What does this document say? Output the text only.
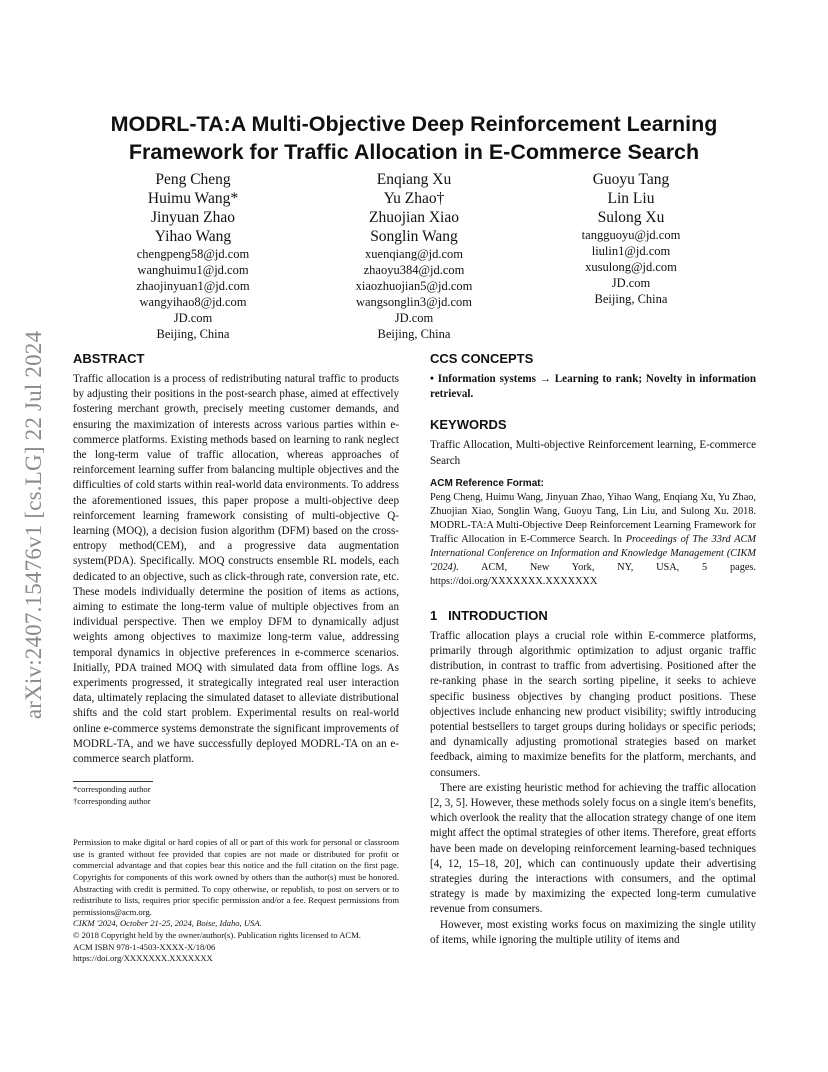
arXiv:2407.15476v1 [cs.LG] 22 Jul 2024
MODRL-TA:A Multi-Objective Deep Reinforcement Learning
Framework for Traffic Allocation in E-Commerce Search
Peng Cheng
Huimu Wang*
Jinyuan Zhao
Yihao Wang
chengpeng58@jd.com
wanghuimu1@jd.com
zhaojinyuan1@jd.com
wangyihao8@jd.com
JD.com
Beijing, China
Enqiang Xu
Yu Zhao†
Zhuojian Xiao
Songlin Wang
xuenqiang@jd.com
zhaoyu384@jd.com
xiaozhuojian5@jd.com
wangsonglin3@jd.com
JD.com
Beijing, China
Guoyu Tang
Lin Liu
Sulong Xu
tangguoyu@jd.com
liulin1@jd.com
xusulong@jd.com
JD.com
Beijing, China
ABSTRACT
Traffic allocation is a process of redistributing natural traffic to products by adjusting their positions in the post-search phase, aimed at effectively fostering merchant growth, precisely meeting customer demands, and ensuring the maximization of interests across various parties within e-commerce platforms. Existing methods based on learning to rank neglect the long-term value of traffic allocation, whereas approaches of reinforcement learning suffer from balancing multiple objectives and the difficulties of cold starts within real-world data environments. To address the aforementioned issues, this paper propose a multi-objective deep reinforcement learning framework consisting of multi-objective Q-learning (MOQ), a decision fusion algorithm (DFM) based on the cross-entropy method(CEM), and a progressive data augmentation system(PDA). Specifically. MOQ constructs ensemble RL models, each dedicated to an objective, such as click-through rate, conversion rate, etc. These models individually determine the position of items as actions, aiming to estimate the long-term value of multiple objectives from an individual perspective. Then we employ DFM to dynamically adjust weights among objectives to maximize long-term value, addressing temporal dynamics in objective preferences in e-commerce scenarios. Initially, PDA trained MOQ with simulated data from offline logs. As experiments progressed, it strategically integrated real user interaction data, ultimately replacing the simulated dataset to alleviate distributional shifts and the cold start problem. Experimental results on real-world online e-commerce systems demonstrate the significant improvements of MODRL-TA, and we have successfully deployed MODRL-TA on an e-commerce search platform.
*corresponding author
†corresponding author
Permission to make digital or hard copies of all or part of this work for personal or classroom use is granted without fee provided that copies are not made or distributed for profit or commercial advantage and that copies bear this notice and the full citation on the first page. Copyrights for components of this work owned by others than the author(s) must be honored. Abstracting with credit is permitted. To copy otherwise, or republish, to post on servers or to redistribute to lists, requires prior specific permission and/or a fee. Request permissions from permissions@acm.org.
CIKM '2024, October 21-25, 2024, Boise, Idaho, USA.
© 2018 Copyright held by the owner/author(s). Publication rights licensed to ACM.
ACM ISBN 978-1-4503-XXXX-X/18/06
https://doi.org/XXXXXXX.XXXXXXX
CCS CONCEPTS
• Information systems → Learning to rank; Novelty in information retrieval.
KEYWORDS
Traffic Allocation, Multi-objective Reinforcement learning, E-commerce Search
ACM Reference Format:
Peng Cheng, Huimu Wang, Jinyuan Zhao, Yihao Wang, Enqiang Xu, Yu Zhao, Zhuojian Xiao, Songlin Wang, Guoyu Tang, Lin Liu, and Sulong Xu. 2018. MODRL-TA:A Multi-Objective Deep Reinforcement Learning Framework for Traffic Allocation in E-Commerce Search. In Proceedings of The 33rd ACM International Conference on Information and Knowledge Management (CIKM '2024). ACM, New York, NY, USA, 5 pages. https://doi.org/XXXXXXX.XXXXXXX
1   INTRODUCTION
Traffic allocation plays a crucial role within E-commerce platforms, primarily through algorithmic optimization to adjust organic traffic distribution, in contrast to traffic from advertising. Positioned after the re-ranking phase in the search sorting pipeline, it seeks to achieve specific business objectives by changing product positions. These objectives include enhancing new product visibility; swiftly introducing potential bestsellers to target groups during holidays or specific periods; and dynamically adjusting promotional strategies based on market feedback, aiming to maximize benefits for the platform, merchants, and consumers.
There are existing heuristic method for achieving the traffic allocation [2, 3, 5]. However, these methods solely focus on a single item's benefits, which overlook the reality that the allocation strategy change of one item might affect the optimal strategies of other items. Therefore, great efforts have been made on developing reinforcement learning-based techniques [4, 12, 15–18, 20], which can continuously update their advertising strategies during the interactions with consumers, and the optimal strategy is made by maximizing the expected long-term cumulative revenue from consumers.
However, most existing works focus on maximizing the single utility of items, while ignoring the multiple utility of items and
